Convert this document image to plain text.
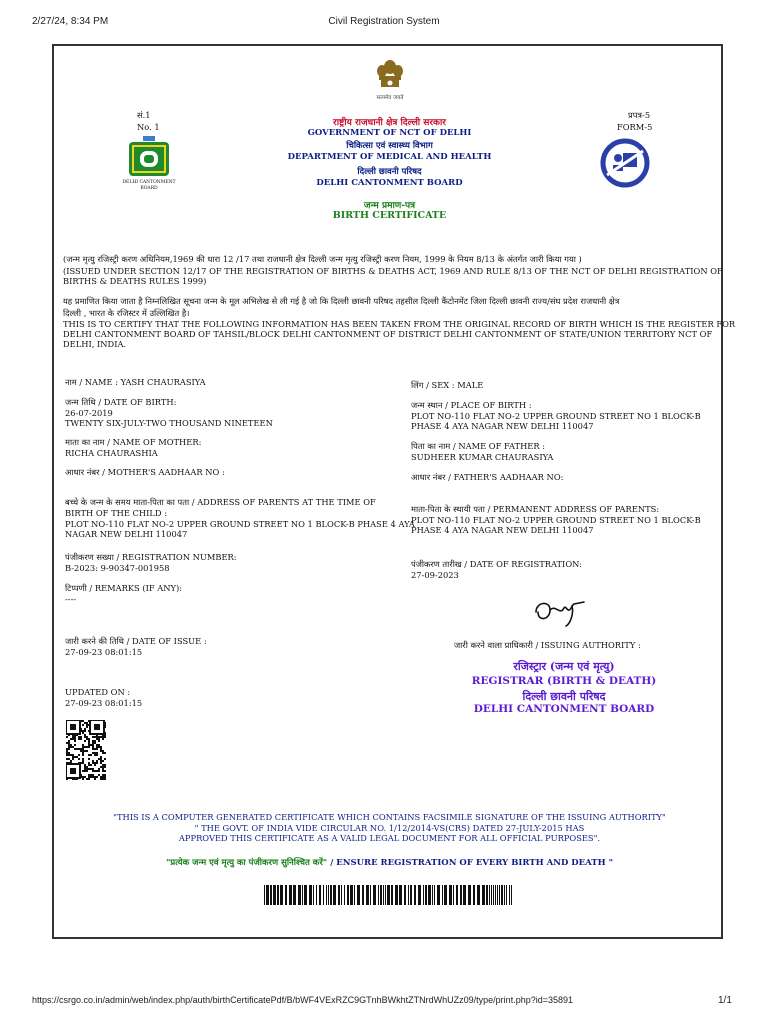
2/27/24, 8:34 PM	Civil Registration System
सत्यमेव जयते
सं.1
No. 1
प्रपत्र-5
FORM-5
DELHI CANTONMENT BOARD
राष्ट्रीय राजधानी क्षेत्र दिल्ली सरकार
GOVERNMENT OF NCT OF DELHI
चिकित्सा एवं स्वास्थ्य विभाग
DEPARTMENT OF MEDICAL AND HEALTH
दिल्ली छावनी परिषद
DELHI CANTONMENT BOARD
जन्म प्रमाण-पत्र
BIRTH CERTIFICATE
(जन्म मृत्यु रजिस्ट्री करण अधिनियम,1969 की धारा 12 /17 तथा राजधानी क्षेत्र दिल्ली जन्म मृत्यु रजिस्ट्री करण नियम, 1999 के नियम 8/13 के अंतर्गत जारी किया गया )
(ISSUED UNDER SECTION 12/17 OF THE REGISTRATION OF BIRTHS & DEATHS ACT, 1969 AND RULE 8/13 OF THE NCT OF DELHI REGISTRATION OF
BIRTHS & DEATHS RULES 1999)
यह प्रमाणित किया जाता है निम्नलिखित सूचना जन्म के मूल अभिलेख से ली गई है जो कि दिल्ली छावनी परिषद तहसील दिल्ली कैंटोनमेंट जिला दिल्ली छावनी राज्य/संघ प्रदेश राजधानी क्षेत्र
दिल्ली , भारत के रजिस्टर में उल्लिखित है।
THIS IS TO CERTIFY THAT THE FOLLOWING INFORMATION HAS BEEN TAKEN FROM THE ORIGINAL RECORD OF BIRTH WHICH IS THE REGISTER FOR
DELHI CANTONMENT BOARD OF TAHSIL/BLOCK DELHI CANTONMENT OF DISTRICT DELHI CANTONMENT OF STATE/UNION TERRITORY NCT OF
DELHI, INDIA.
नाम / NAME : YASH CHAURASIYA
जन्म तिथि / DATE OF BIRTH:
26-07-2019
TWENTY SIX-JULY-TWO THOUSAND NINETEEN
माता का नाम / NAME OF MOTHER:
RICHA CHAURASHIA
आधार नंबर / MOTHER'S AADHAAR NO :
बच्चे के जन्म के समय माता-पिता का पता / ADDRESS OF PARENTS AT THE TIME OF
BIRTH OF THE CHILD :
PLOT NO-110 FLAT NO-2 UPPER GROUND STREET NO 1 BLOCK-B PHASE 4 AYA
NAGAR NEW DELHI 110047
पंजीकरण सख्या / REGISTRATION NUMBER:
B-2023: 9-90347-001958
टिप्पणी / REMARKS (IF ANY):
----
जारी करने की तिथि / DATE OF ISSUE :
27-09-23 08:01:15
UPDATED ON :
27-09-23 08:01:15
लिंग / SEX : MALE
जन्म स्थान / PLACE OF BIRTH :
PLOT NO-110 FLAT NO-2 UPPER GROUND STREET NO 1 BLOCK-B
PHASE 4 AYA NAGAR NEW DELHI 110047
पिता का नाम / NAME OF FATHER :
SUDHEER KUMAR CHAURASIYA
आधार नंबर / FATHER'S AADHAAR NO:
माता-पिता के स्थायी पता / PERMANENT ADDRESS OF PARENTS:
PLOT NO-110 FLAT NO-2 UPPER GROUND STREET NO 1 BLOCK-B
PHASE 4 AYA NAGAR NEW DELHI 110047
पंजीकरण तारीख / DATE OF REGISTRATION:
27-09-2023
जारी करने वाला प्राधिकारी / ISSUING AUTHORITY :
रजिस्ट्रार (जन्म एवं मृत्यु)
REGISTRAR (BIRTH & DEATH)
दिल्ली छावनी परिषद
DELHI CANTONMENT BOARD
"THIS IS A COMPUTER GENERATED CERTIFICATE WHICH CONTAINS FACSIMILE SIGNATURE OF THE ISSUING AUTHORITY"
" THE GOVT. OF INDIA VIDE CIRCULAR NO. 1/12/2014-VS(CRS) DATED 27-JULY-2015 HAS
APPROVED THIS CERTIFICATE AS A VALID LEGAL DOCUMENT FOR ALL OFFICIAL PURPOSES".
"प्रत्येक जन्म एवं मृत्यु का पंजीकरण सुनिश्चित करें" / ENSURE REGISTRATION OF EVERY BIRTH AND DEATH "
https://csrgo.co.in/admin/web/index.php/auth/birthCertificatePdf/B/bWF4VExRZC9GTnhBWkhtZTNrdWhUZz09/type/print.php?id=35891	1/1
